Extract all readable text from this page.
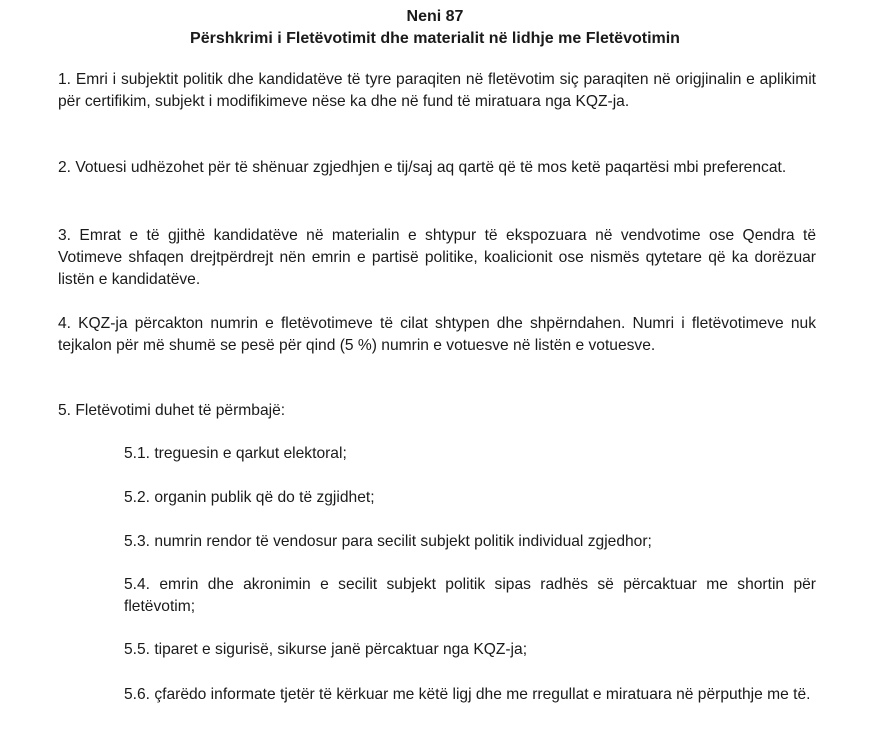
Neni 87
Përshkrimi i Fletëvotimit dhe materialit në lidhje me Fletëvotimin

1. Emri i subjektit politik dhe kandidatëve të tyre paraqiten në fletëvotim siç paraqiten në origjinalin e aplikimit për certifikim, subjekt i modifikimeve nëse ka dhe në fund të miratuara nga KQZ-ja.

2. Votuesi udhëzohet për të shënuar zgjedhjen e tij/saj aq qartë që të mos ketë paqartësi mbi preferencat.

3. Emrat e të gjithë kandidatëve në materialin e shtypur të ekspozuara në vendvotime ose Qendra të Votimeve shfaqen drejtpërdrejt nën emrin e partisë politike, koalicionit ose nismës qytetare që ka dorëzuar listën e kandidatëve.

4. KQZ-ja përcakton numrin e fletëvotimeve të cilat shtypen dhe shpërndahen. Numri i fletëvotimeve nuk tejkalon për më shumë se pesë për qind (5 %) numrin e votuesve në listën e votuesve.

5. Fletëvotimi duhet të përmbajë:

5.1. treguesin e qarkut elektoral;

5.2. organin publik që do të zgjidhet;

5.3. numrin rendor të vendosur para secilit subjekt politik individual zgjedhor;

5.4. emrin dhe akronimin e secilit subjekt politik sipas radhës së përcaktuar me shortin për fletëvotim;

5.5. tiparet e sigurisë, sikurse janë përcaktuar nga KQZ-ja;

5.6. çfarëdo informate tjetër të kërkuar me këtë ligj dhe me rregullat e miratuara në përputhje me të.
